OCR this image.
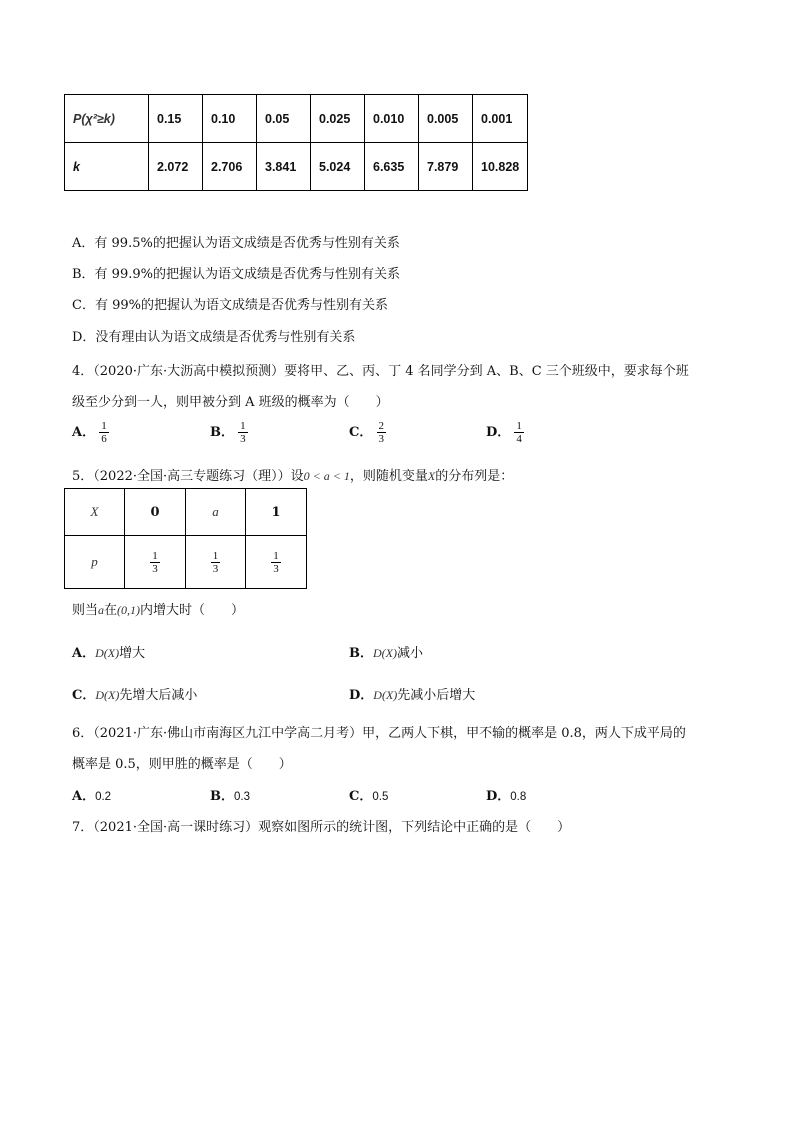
P(χ²≥k)	0.15	0.10	0.05	0.025	0.010	0.005	0.001
k	2.072	2.706	3.841	5.024	6.635	7.879	10.828
A．有 99.5%的把握认为语文成绩是否优秀与性别有关系
B．有 99.9%的把握认为语文成绩是否优秀与性别有关系
C．有 99%的把握认为语文成绩是否优秀与性别有关系
D．没有理由认为语文成绩是否优秀与性别有关系
4．（2020·广东·大沥高中模拟预测）要将甲、乙、丙、丁 4 名同学分到 A、B、C 三个班级中，要求每个班
级至少分到一人，则甲被分到 A 班级的概率为（　　）
A． $\frac{1}{6}$	B． $\frac{1}{3}$	C． $\frac{2}{3}$	D． $\frac{1}{4}$
5．（2022·全国·高三专题练习（理））设0 < a < 1，则随机变量X的分布列是：
X	0	a	1
p	$\frac{1}{3}$	$\frac{1}{3}$	$\frac{1}{3}$
则当a在(0,1)内增大时（　　）
A．D(X)增大	B．D(X)减小
C．D(X)先增大后减小	D．D(X)先减小后增大
6．（2021·广东·佛山市南海区九江中学高二月考）甲，乙两人下棋，甲不输的概率是 0.8，两人下成平局的
概率是 0.5，则甲胜的概率是（　　）
A．0.2	B．0.3	C．0.5	D．0.8
7．（2021·全国·高一课时练习）观察如图所示的统计图，下列结论中正确的是（　　）
